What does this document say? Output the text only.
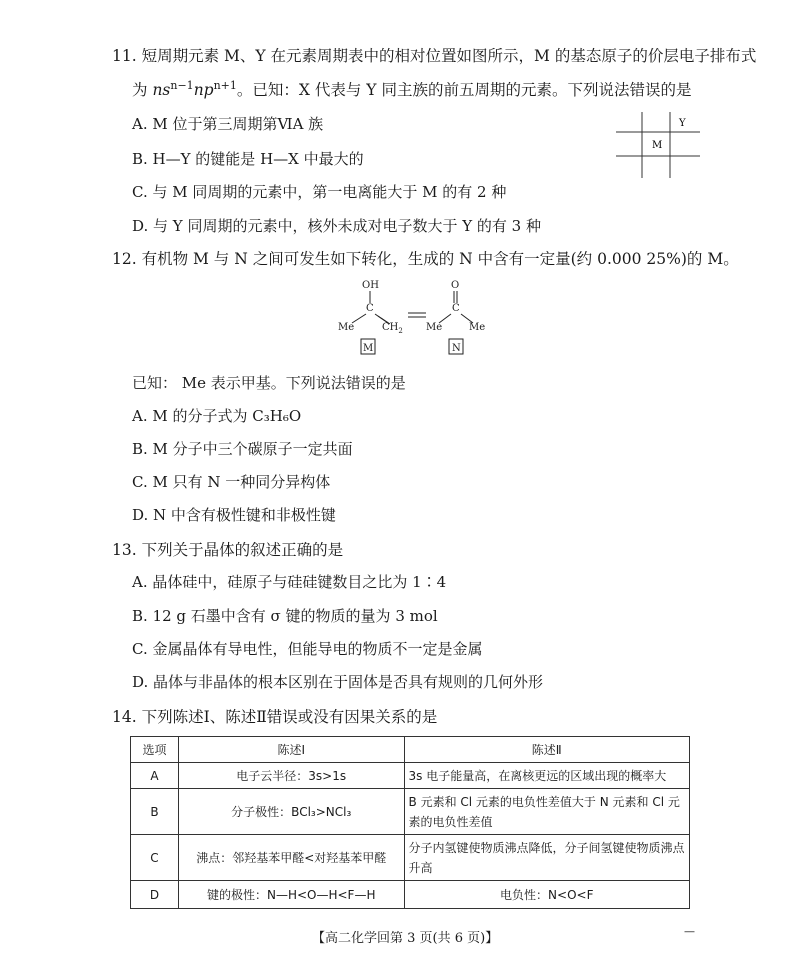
11. 短周期元素 M、Y 在元素周期表中的相对位置如图所示，M 的基态原子的价层电子排布式
为 $ns^{n-1}np^{n+1}$。已知：X 代表与 Y 同主族的前五周期的元素。下列说法错误的是
A. M 位于第三周期第ⅥA 族
B. H—Y 的键能是 H—X 中最大的
C. 与 M 同周期的元素中，第一电离能大于 M 的有 2 种
D. 与 Y 同周期的元素中，核外未成对电子数大于 Y 的有 3 种
Y
M
12. 有机物 M 与 N 之间可发生如下转化，生成的 N 中含有一定量(约 0.000 25%)的 M。
OH
C
Me	$CH_2$
M
O
C
Me	Me
N
已知： Me 表示甲基。下列说法错误的是
A. M 的分子式为 C₃H₆O
B. M 分子中三个碳原子一定共面
C. M 只有 N 一种同分异构体
D. N 中含有极性键和非极性键
13. 下列关于晶体的叙述正确的是
A. 晶体硅中，硅原子与硅硅键数目之比为 1∶4
B. 12 g 石墨中含有 σ 键的物质的量为 3 mol
C. 金属晶体有导电性，但能导电的物质不一定是金属
D. 晶体与非晶体的根本区别在于固体是否具有规则的几何外形
14. 下列陈述Ⅰ、陈述Ⅱ错误或没有因果关系的是
选项	陈述Ⅰ	陈述Ⅱ
A	电子云半径：3s>1s	3s 电子能量高，在离核更远的区域出现的概率大
B	分子极性：BCl₃>NCl₃	B 元素和 Cl 元素的电负性差值大于 N 元素和 Cl 元素的电负性差值
C	沸点：邻羟基苯甲醛<对羟基苯甲醛	分子内氢键使物质沸点降低，分子间氢键使物质沸点升高
D	键的极性：N—H<O—H<F—H	电负性：N<O<F
【高二化学回第 3 页(共 6 页)】	—
